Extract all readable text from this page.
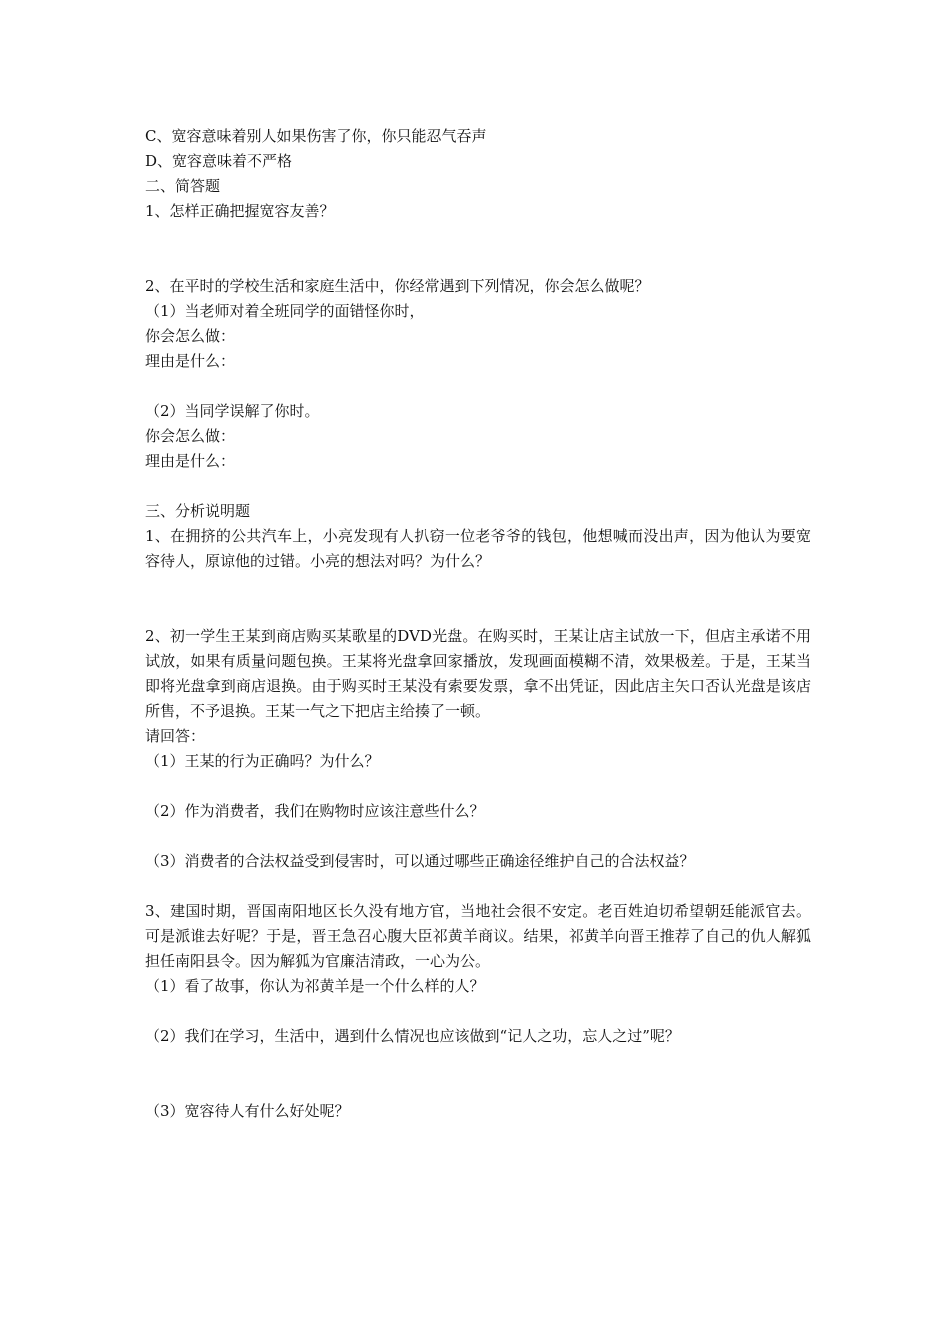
C、宽容意味着别人如果伤害了你，你只能忍气吞声

D、宽容意味着不严格

二、简答题

1、怎样正确把握宽容友善？

2、在平时的学校生活和家庭生活中，你经常遇到下列情况，你会怎么做呢？

（1）当老师对着全班同学的面错怪你时，

你会怎么做：

理由是什么：

（2）当同学误解了你时。

你会怎么做：

理由是什么：

三、分析说明题

1、在拥挤的公共汽车上，小亮发现有人扒窃一位老爷爷的钱包，他想喊而没出声，因为他认为要宽容待人，原谅他的过错。小亮的想法对吗？为什么？

2、初一学生王某到商店购买某歌星的DVD光盘。在购买时，王某让店主试放一下，但店主承诺不用试放，如果有质量问题包换。王某将光盘拿回家播放，发现画面模糊不清，效果极差。于是，王某当即将光盘拿到商店退换。由于购买时王某没有索要发票，拿不出凭证，因此店主矢口否认光盘是该店所售，不予退换。王某一气之下把店主给揍了一顿。

请回答：

（1）王某的行为正确吗？为什么？

（2）作为消费者，我们在购物时应该注意些什么？

（3）消费者的合法权益受到侵害时，可以通过哪些正确途径维护自己的合法权益？

3、建国时期，晋国南阳地区长久没有地方官，当地社会很不安定。老百姓迫切希望朝廷能派官去。可是派谁去好呢？于是，晋王急召心腹大臣祁黄羊商议。结果，祁黄羊向晋王推荐了自己的仇人解狐担任南阳县令。因为解狐为官廉洁清政，一心为公。

（1）看了故事，你认为祁黄羊是一个什么样的人？

（2）我们在学习，生活中，遇到什么情况也应该做到“记人之功，忘人之过”呢？

（3）宽容待人有什么好处呢？
